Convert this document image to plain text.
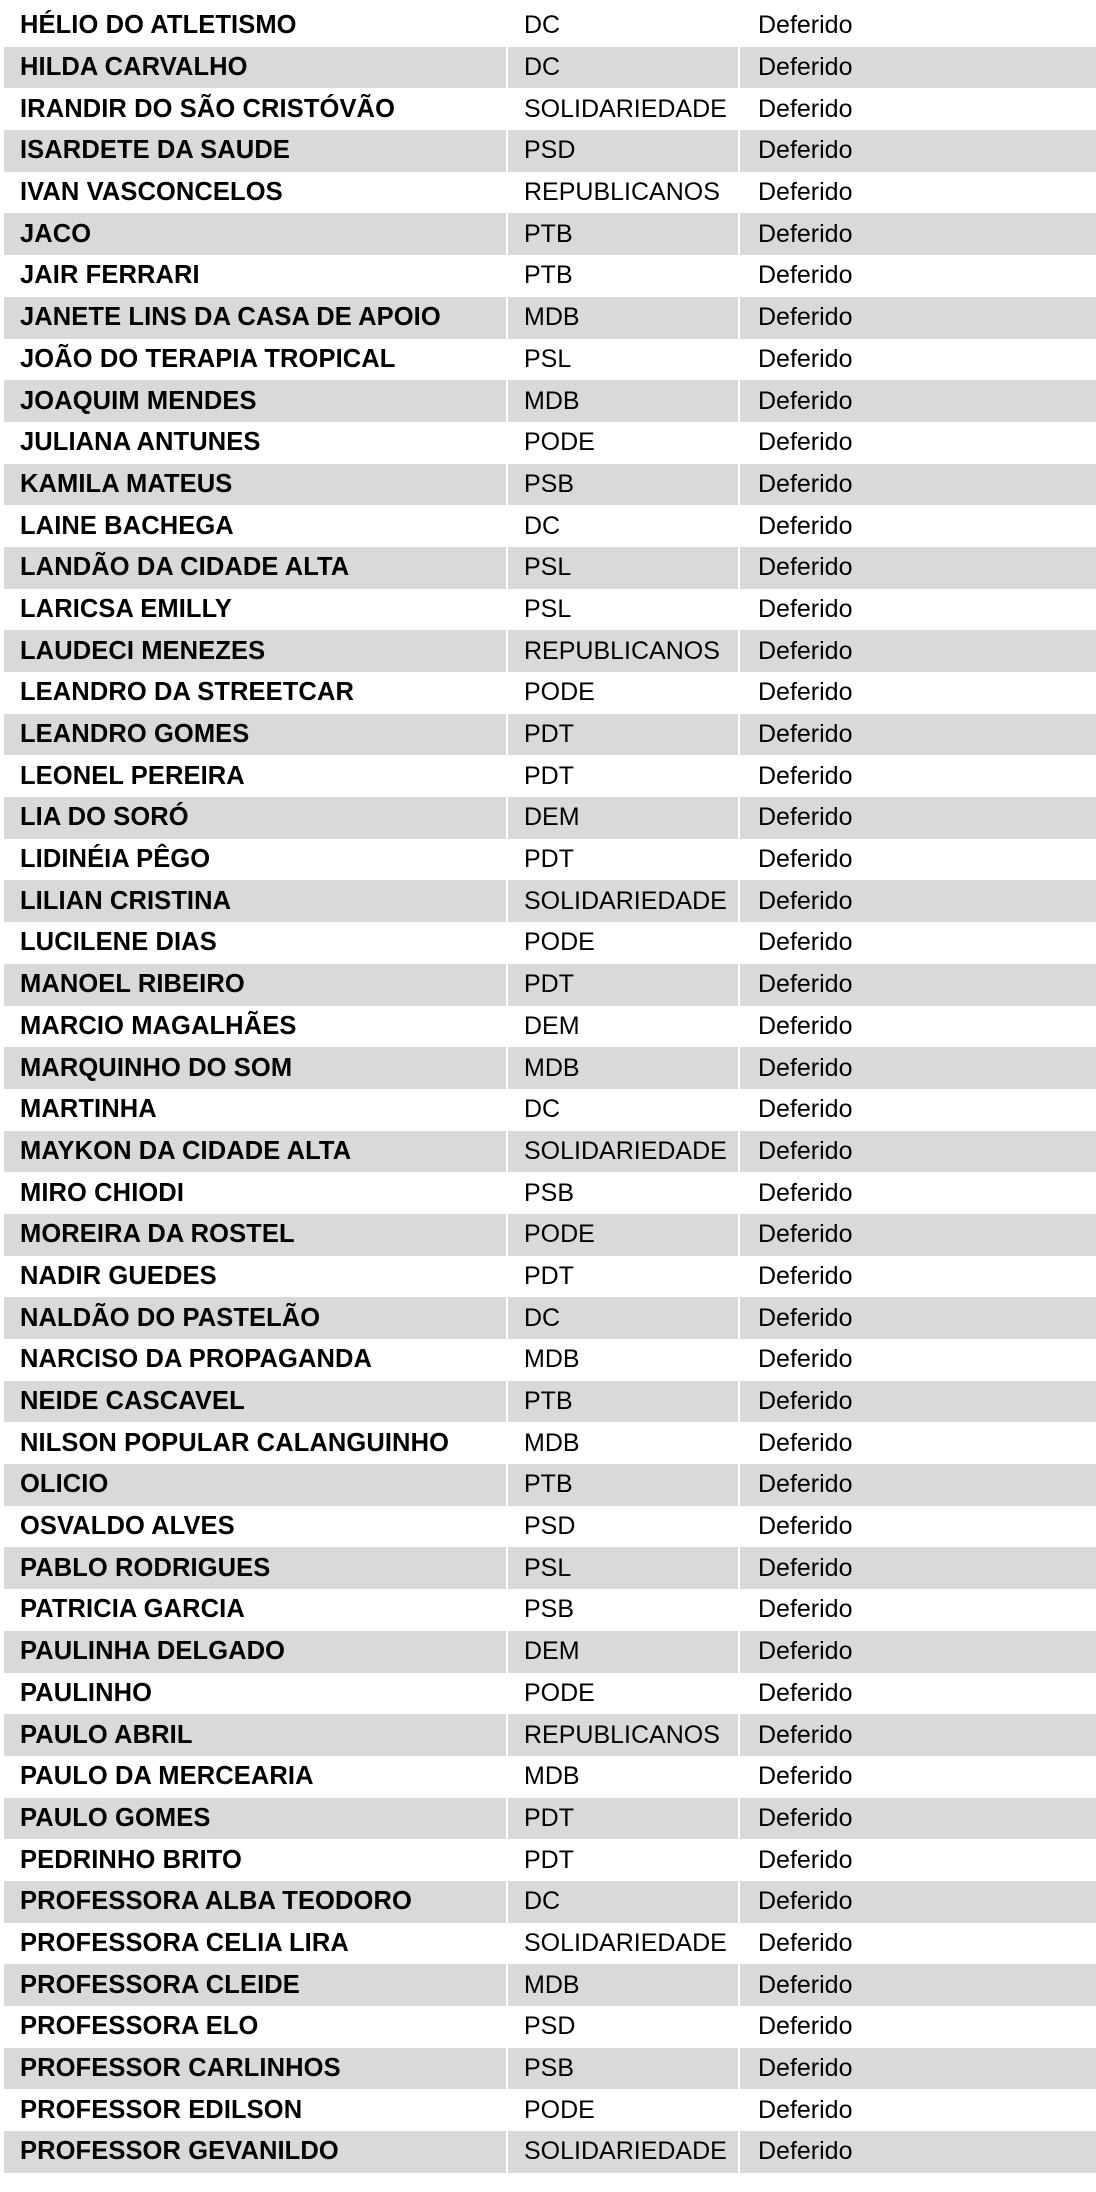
HÉLIO DO ATLETISMO	DC	Deferido
HILDA CARVALHO	DC	Deferido
IRANDIR DO SÃO CRISTÓVÃO	SOLIDARIEDADE	Deferido
ISARDETE DA SAUDE	PSD	Deferido
IVAN VASCONCELOS	REPUBLICANOS	Deferido
JACO	PTB	Deferido
JAIR FERRARI	PTB	Deferido
JANETE LINS DA CASA DE APOIO	MDB	Deferido
JOÃO DO TERAPIA TROPICAL	PSL	Deferido
JOAQUIM MENDES	MDB	Deferido
JULIANA ANTUNES	PODE	Deferido
KAMILA MATEUS	PSB	Deferido
LAINE BACHEGA	DC	Deferido
LANDÃO DA CIDADE ALTA	PSL	Deferido
LARICSA EMILLY	PSL	Deferido
LAUDECI MENEZES	REPUBLICANOS	Deferido
LEANDRO DA STREETCAR	PODE	Deferido
LEANDRO GOMES	PDT	Deferido
LEONEL PEREIRA	PDT	Deferido
LIA DO SORÓ	DEM	Deferido
LIDINÉIA PÊGO	PDT	Deferido
LILIAN CRISTINA	SOLIDARIEDADE	Deferido
LUCILENE DIAS	PODE	Deferido
MANOEL RIBEIRO	PDT	Deferido
MARCIO MAGALHÃES	DEM	Deferido
MARQUINHO DO SOM	MDB	Deferido
MARTINHA	DC	Deferido
MAYKON DA CIDADE ALTA	SOLIDARIEDADE	Deferido
MIRO CHIODI	PSB	Deferido
MOREIRA DA ROSTEL	PODE	Deferido
NADIR GUEDES	PDT	Deferido
NALDÃO DO PASTELÃO	DC	Deferido
NARCISO DA PROPAGANDA	MDB	Deferido
NEIDE CASCAVEL	PTB	Deferido
NILSON POPULAR CALANGUINHO	MDB	Deferido
OLICIO	PTB	Deferido
OSVALDO ALVES	PSD	Deferido
PABLO RODRIGUES	PSL	Deferido
PATRICIA GARCIA	PSB	Deferido
PAULINHA DELGADO	DEM	Deferido
PAULINHO	PODE	Deferido
PAULO ABRIL	REPUBLICANOS	Deferido
PAULO DA MERCEARIA	MDB	Deferido
PAULO GOMES	PDT	Deferido
PEDRINHO BRITO	PDT	Deferido
PROFESSORA ALBA TEODORO	DC	Deferido
PROFESSORA CELIA LIRA	SOLIDARIEDADE	Deferido
PROFESSORA CLEIDE	MDB	Deferido
PROFESSORA ELO	PSD	Deferido
PROFESSOR CARLINHOS	PSB	Deferido
PROFESSOR EDILSON	PODE	Deferido
PROFESSOR GEVANILDO	SOLIDARIEDADE	Deferido
